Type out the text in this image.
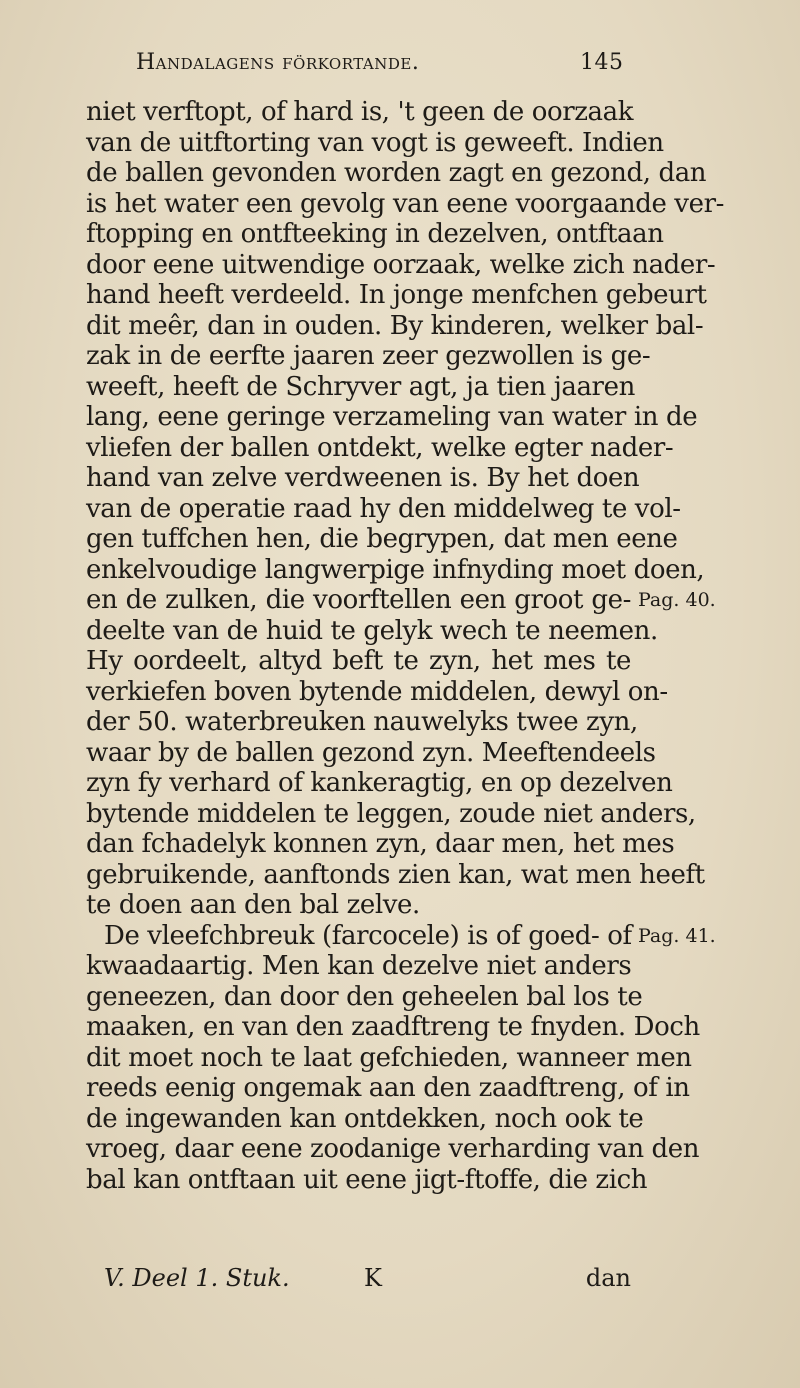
Handalagens förkortande.	145
niet verftopt, of hard is, 't geen de oorzaak
van de uitftorting van vogt is geweeft. Indien
de ballen gevonden worden zagt en gezond, dan
is het water een gevolg van eene voorgaande ver-
ftopping en ontfteeking in dezelven, ontftaan
door eene uitwendige oorzaak, welke zich nader-
hand heeft verdeeld. In jonge menfchen gebeurt
dit meêr, dan in ouden. By kinderen, welker bal-
zak in de eerfte jaaren zeer gezwollen is ge-
weeft, heeft de Schryver agt, ja tien jaaren
lang, eene geringe verzameling van water in de
vliefen der ballen ontdekt, welke egter nader-
hand van zelve verdweenen is. By het doen
van de operatie raad hy den middelweg te vol-
gen tuffchen hen, die begrypen, dat men eene
enkelvoudige langwerpige infnyding moet doen,
en de zulken, die voorftellen een groot ge-
deelte van de huid te gelyk wech te neemen.
Hy oordeelt, altyd beft te zyn, het mes te
verkiefen boven bytende middelen, dewyl on-
der 50. waterbreuken nauwelyks twee zyn,
waar by de ballen gezond zyn. Meeftendeels
zyn fy verhard of kankeragtig, en op dezelven
bytende middelen te leggen, zoude niet anders,
dan fchadelyk konnen zyn, daar men, het mes
gebruikende, aanftonds zien kan, wat men heeft
te doen aan den bal zelve.
De vleefchbreuk (farcocele) is of goed- of
kwaadaartig. Men kan dezelve niet anders
geneezen, dan door den geheelen bal los te
maaken, en van den zaadftreng te fnyden. Doch
dit moet noch te laat gefchieden, wanneer men
reeds eenig ongemak aan den zaadftreng, of in
de ingewanden kan ontdekken, noch ook te
vroeg, daar eene zoodanige verharding van den
bal kan ontftaan uit eene jigt-ftoffe, die zich
V. Deel 1. Stuk.	K	dan
Pag. 40.
Pag. 41.
